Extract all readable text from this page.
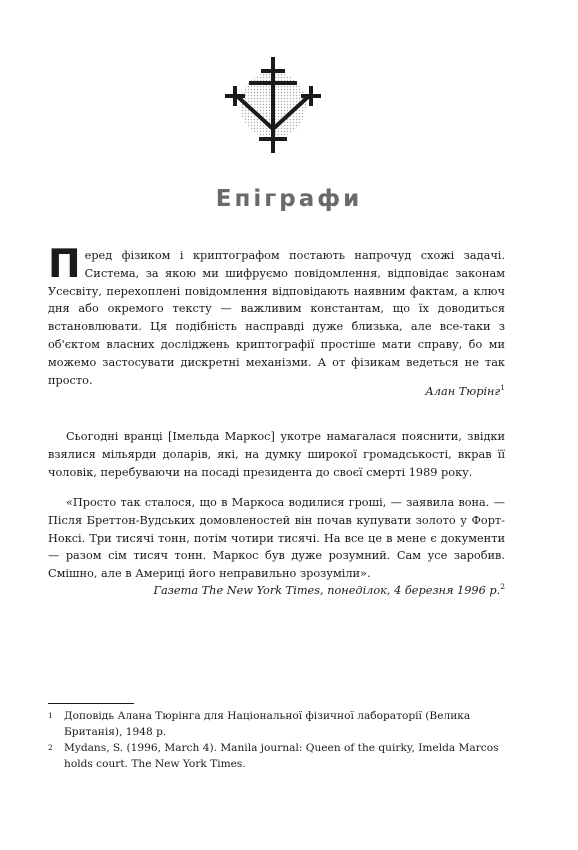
Епіграфи

Перед фізиком і криптографом постають напрочуд схожі задачі. Система, за якою ми шифруємо повідомлення, відповідає законам Усесвіту, перехоплені повідомлення відповідають наявним фактам, а ключ дня або окремого тексту — важливим константам, що їх доводиться встановлювати. Ця подібність насправді дуже близька, але все-таки з об'єктом власних досліджень криптографії простіше мати справу, бо ми можемо застосувати дискретні механізми. А от фізикам ведеться не так просто.

Алан Тюрінг$^1$

Сьогодні вранці [Імельда Маркос] укотре намагалася пояснити, звідки взялися мільярди доларів, які, на думку широкої громадськості, вкрав її чоловік, перебуваючи на посаді президента до своєї смерті 1989 року.

«Просто так сталося, що в Маркоса водилися гроші, — заявила вона. — Після Бреттон-Вудських домовленостей він почав купувати золото у Форт-Ноксі. Три тисячі тонн, потім чотири тисячі. На все це в мене є документи — разом сім тисяч тонн. Маркос був дуже розумний. Сам усе заробив. Смішно, але в Америці його неправильно зрозуміли».

Газета The New York Times, понеділок, 4 березня 1996 р.$^2$
1 Доповідь Алана Тюрінга для Національної фізичної лабораторії (Велика Британія), 1948 р.
2 Mydans, S. (1996, March 4). Manila journal: Queen of the quirky, Imelda Marcos holds court. The New York Times.
